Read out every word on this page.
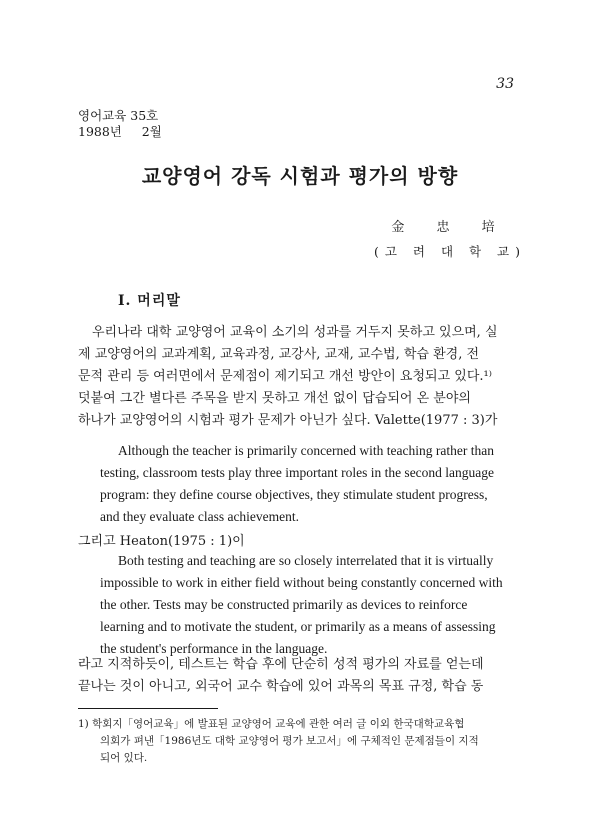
33
영어교육 35호
1988년     2월
교양영어 강독 시험과 평가의 방향
金 忠 培
(고 려 대 학 교)
I. 머리말
우리나라 대학 교양영어 교육이 소기의 성과를 거두지 못하고 있으며, 실
제 교양영어의 교과계획, 교육과정, 교강사, 교재, 교수법, 학습 환경, 전
문적 관리 등 여러면에서 문제점이 제기되고 개선 방안이 요청되고 있다.¹⁾
덧붙여 그간 별다른 주목을 받지 못하고 개선 없이 답습되어 온 분야의
하나가 교양영어의 시험과 평가 문제가 아닌가 싶다. Valette(1977 : 3)가
Although the teacher is primarily concerned with teaching rather than
testing, classroom tests play three important roles in the second language
program: they define course objectives, they stimulate student progress,
and they evaluate class achievement.
그리고 Heaton(1975 : 1)이
Both testing and teaching are so closely interrelated that it is virtually
impossible to work in either field without being constantly concerned with
the other. Tests may be constructed primarily as devices to reinforce
learning and to motivate the student, or primarily as a means of assessing
the student's performance in the language.
라고 지적하듯이, 테스트는 학습 후에 단순히 성적 평가의 자료를 얻는데
끝나는 것이 아니고, 외국어 교수 학습에 있어 과목의 목표 규정, 학습 동
1) 학회지「영어교육」에 발표된 교양영어 교육에 관한 여러 글 이외 한국대학교육협
의회가 펴낸「1986년도 대학 교양영어 평가 보고서」에 구체적인 문제점들이 지적
되어 있다.
